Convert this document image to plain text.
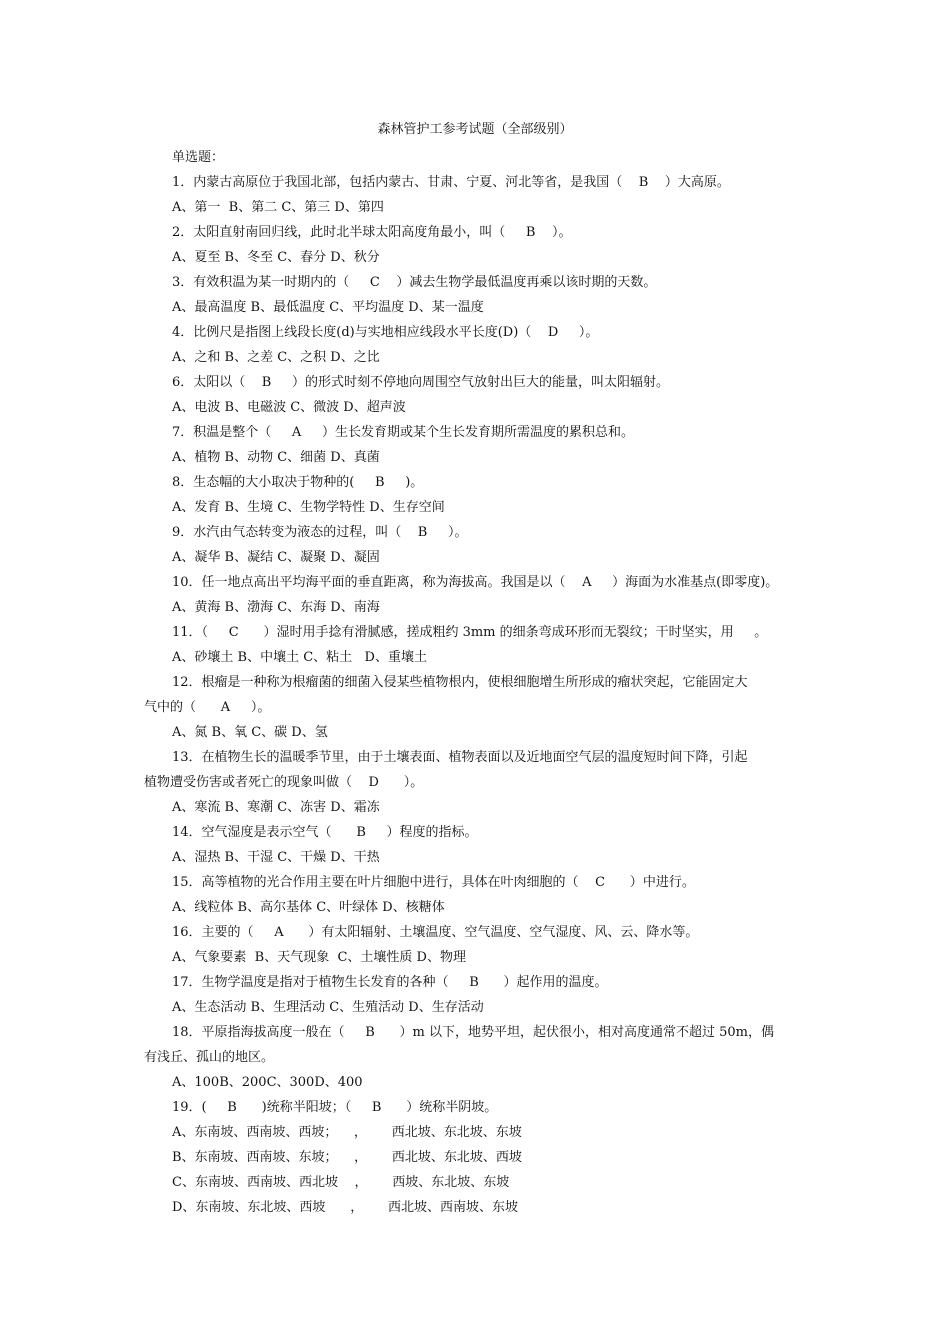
森林管护工参考试题（全部级别）
单选题：
1．内蒙古高原位于我国北部，包括内蒙古、甘肃、宁夏、河北等省，是我国（    B    ）大高原。
A、第一  B、第二 C、第三 D、第四
2．太阳直射南回归线，此时北半球太阳高度角最小，叫（     B    ）。
A、夏至 B、冬至 C、春分 D、秋分
3．有效积温为某一时期内的（     C    ）减去生物学最低温度再乘以该时期的天数。
A、最高温度 B、最低温度 C、平均温度 D、某一温度
4．比例尺是指图上线段长度(d)与实地相应线段水平长度(D)（    D     ）。
A、之和 B、之差 C、之积 D、之比
6．太阳以（    B     ）的形式时刻不停地向周围空气放射出巨大的能量，叫太阳辐射。
A、电波 B、电磁波 C、微波 D、超声波
7．积温是整个（     A     ）生长发育期或某个生长发育期所需温度的累积总和。
A、植物 B、动物 C、细菌 D、真菌
8．生态幅的大小取决于物种的(     B     )。
A、发育 B、生境 C、生物学特性 D、生存空间
9．水汽由气态转变为液态的过程，叫（    B     ）。
A、凝华 B、凝结 C、凝聚 D、凝固
10．任一地点高出平均海平面的垂直距离，称为海拔高。我国是以（    A     ）海面为水准基点(即零度)。
A、黄海 B、渤海 C、东海 D、南海
11．（     C      ）湿时用手捻有滑腻感，搓成粗约 3mm 的细条弯成环形而无裂纹；干时坚实，用     。
A、砂壤土 B、中壤土 C、粘土   D、重壤土
12．根瘤是一种称为根瘤菌的细菌入侵某些植物根内，使根细胞增生所形成的瘤状突起，它能固定大
气中的（      A     ）。
A、氮 B、氧 C、碳 D、氢
13．在植物生长的温暖季节里，由于土壤表面、植物表面以及近地面空气层的温度短时间下降，引起
植物遭受伤害或者死亡的现象叫做（    D      ）。
A、寒流 B、寒潮 C、冻害 D、霜冻
14．空气湿度是表示空气（      B     ）程度的指标。
A、湿热 B、干湿 C、干燥 D、干热
15．高等植物的光合作用主要在叶片细胞中进行，具体在叶肉细胞的（    C      ）中进行。
A、线粒体 B、高尔基体 C、叶绿体 D、核糖体
16．主要的（     A      ）有太阳辐射、土壤温度、空气温度、空气湿度、风、云、降水等。
A、气象要素  B、天气现象  C、土壤性质 D、物理
17．生物学温度是指对于植物生长发育的各种（     B      ）起作用的温度。
A、生态活动 B、生理活动 C、生殖活动 D、生存活动
18．平原指海拔高度一般在（     B      ）m 以下，地势平坦，起伏很小，相对高度通常不超过 50m，偶
有浅丘、孤山的地区。
A、100B、200C、300D、400
19．(     B      )统称半阳坡；（     B      ）统称半阴坡。
A、东南坡、西南坡、西坡；    ，      西北坡、东北坡、东坡
B、东南坡、西南坡、东坡；    ，      西北坡、东北坡、西坡
C、东南坡、西南坡、西北坡    ，      西坡、东北坡、东坡
D、东南坡、东北坡、西坡      ，      西北坡、西南坡、东坡
